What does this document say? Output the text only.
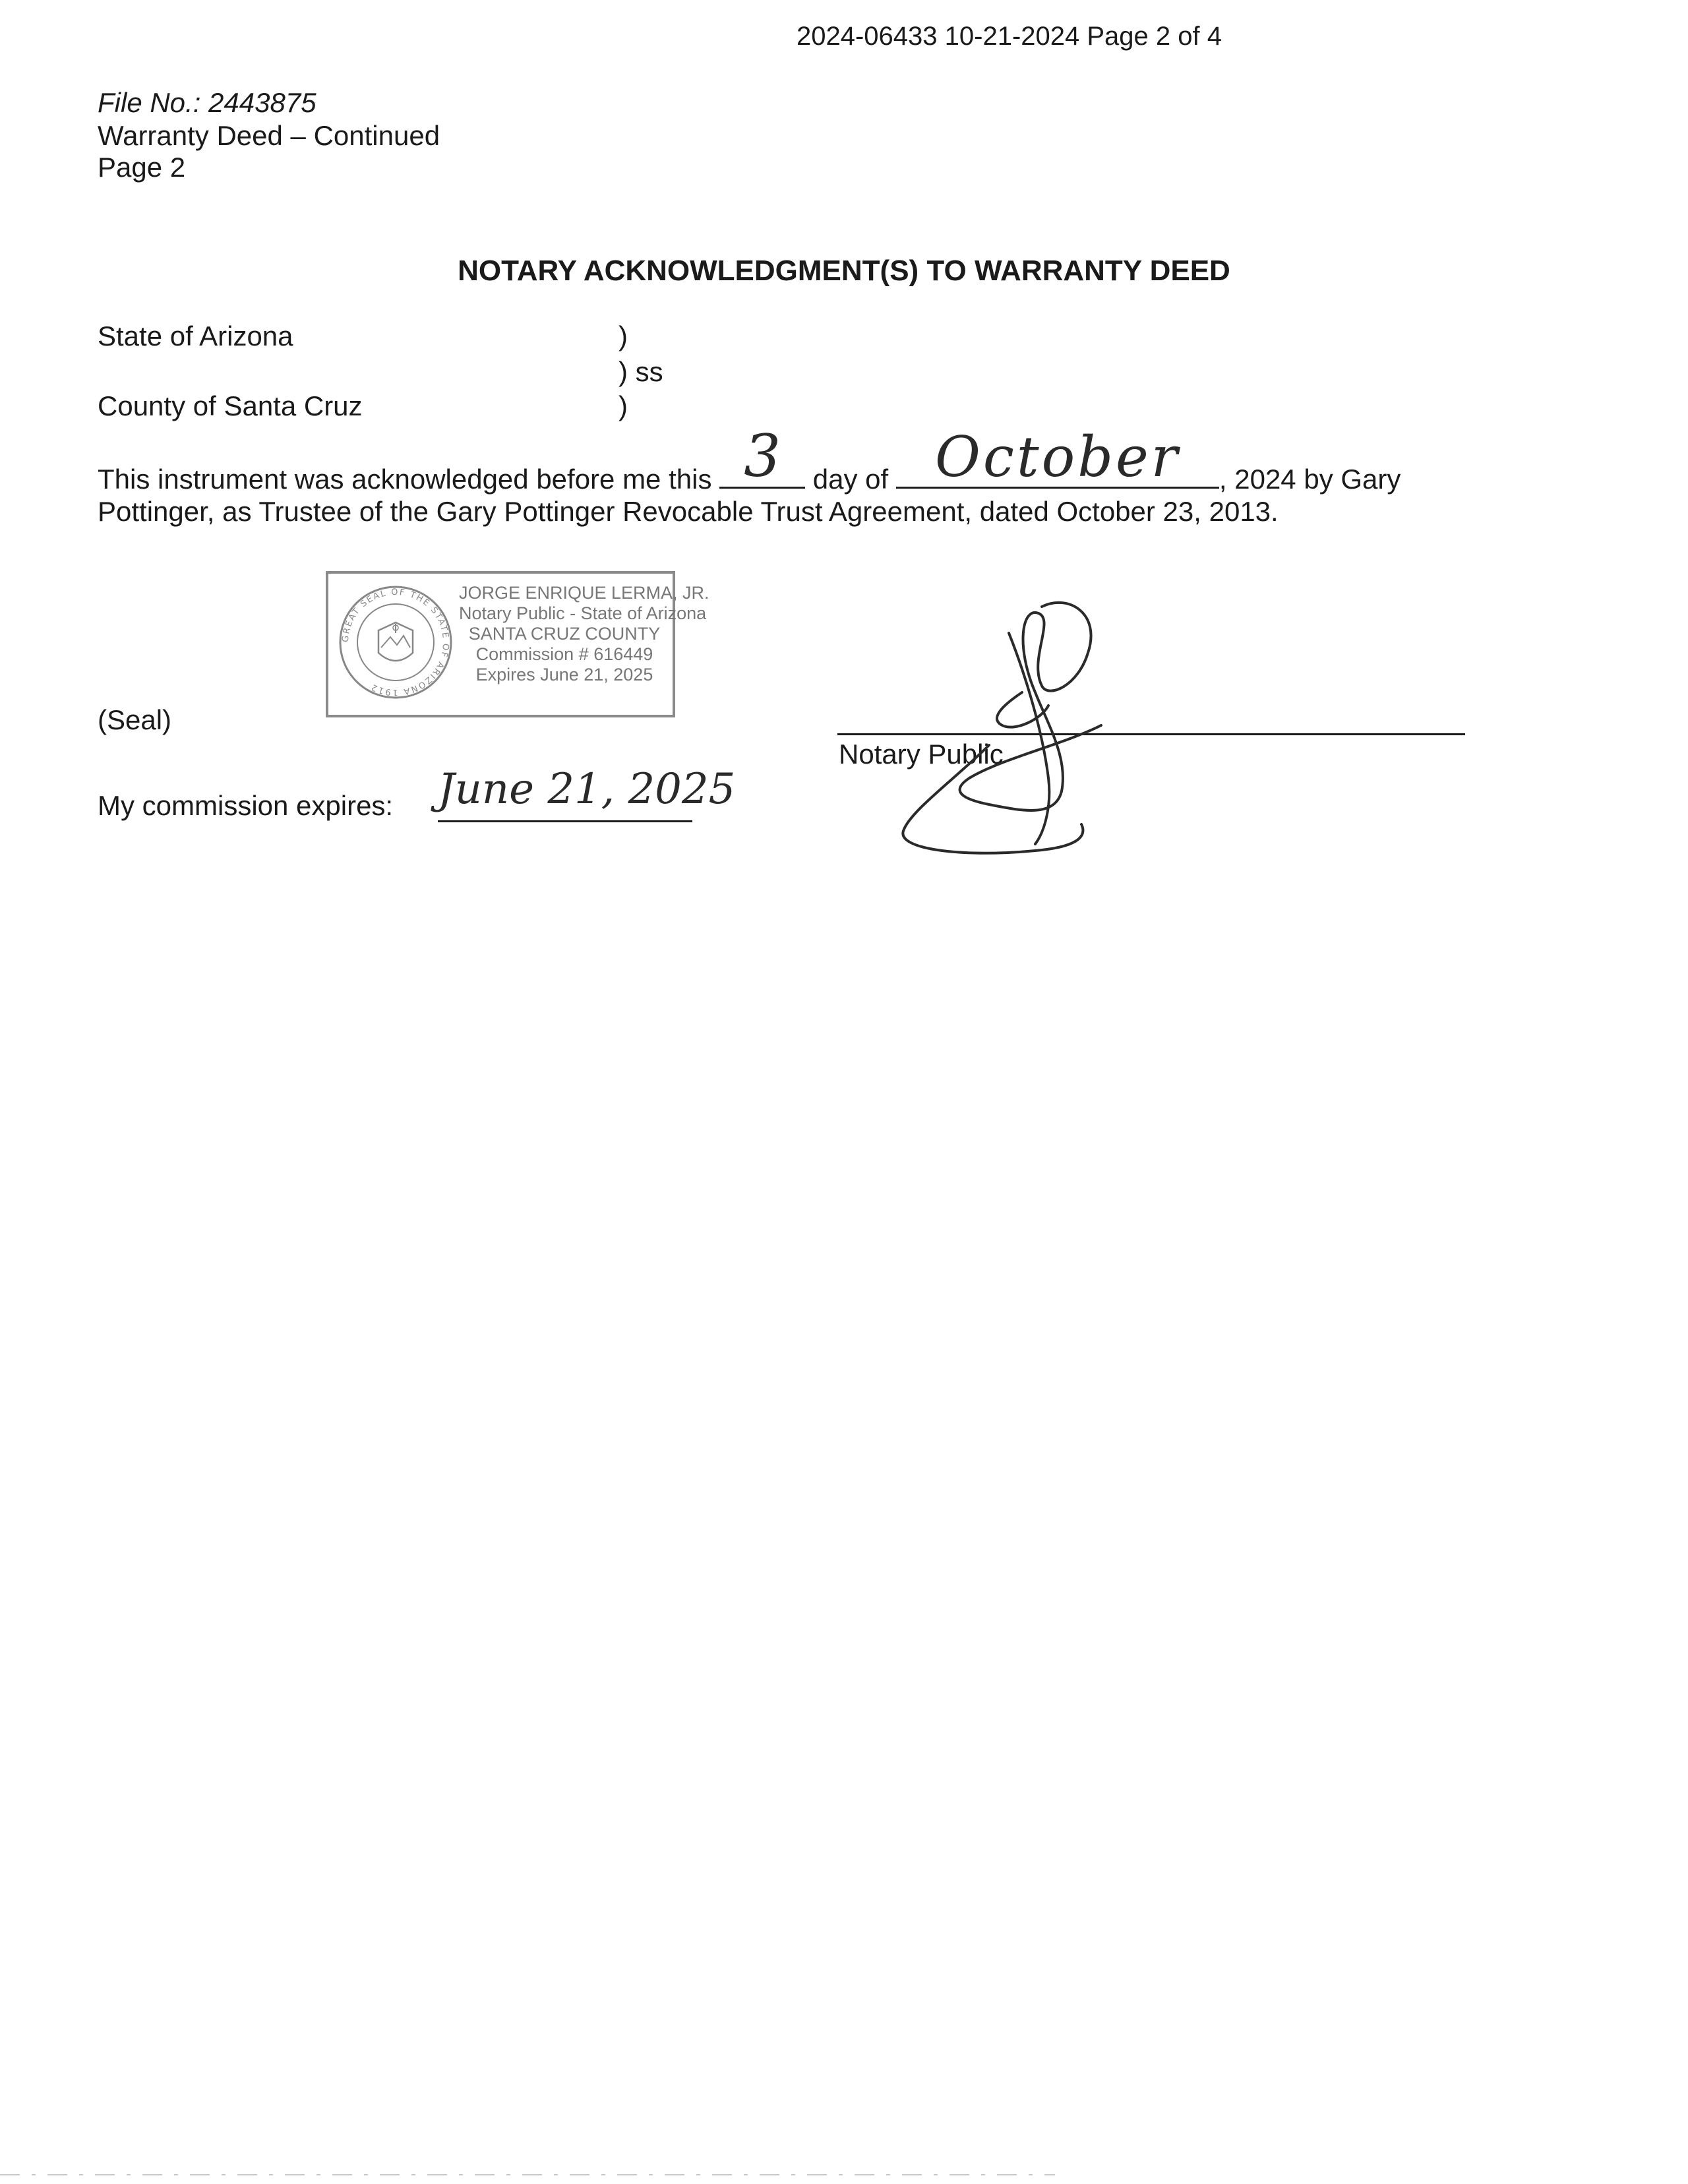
2024-06433 10-21-2024 Page 2 of 4
File No.: 2443875
Warranty Deed – Continued
Page 2
NOTARY ACKNOWLEDGMENT(S) TO WARRANTY DEED
State of Arizona
County of Santa Cruz
)
) ss
)
This instrument was acknowledged before me this 3 day of October	, 2024 by Gary
Pottinger, as Trustee of the Gary Pottinger Revocable Trust Agreement, dated October 23, 2013.
GREAT SEAL OF THE STATE OF ARIZONA 1912
JORGE ENRIQUE LERMA, JR.
Notary Public - State of Arizona
SANTA CRUZ COUNTY
Commission # 616449
Expires June 21, 2025
(Seal)
Notary Public
My commission expires: June 21, 2025
